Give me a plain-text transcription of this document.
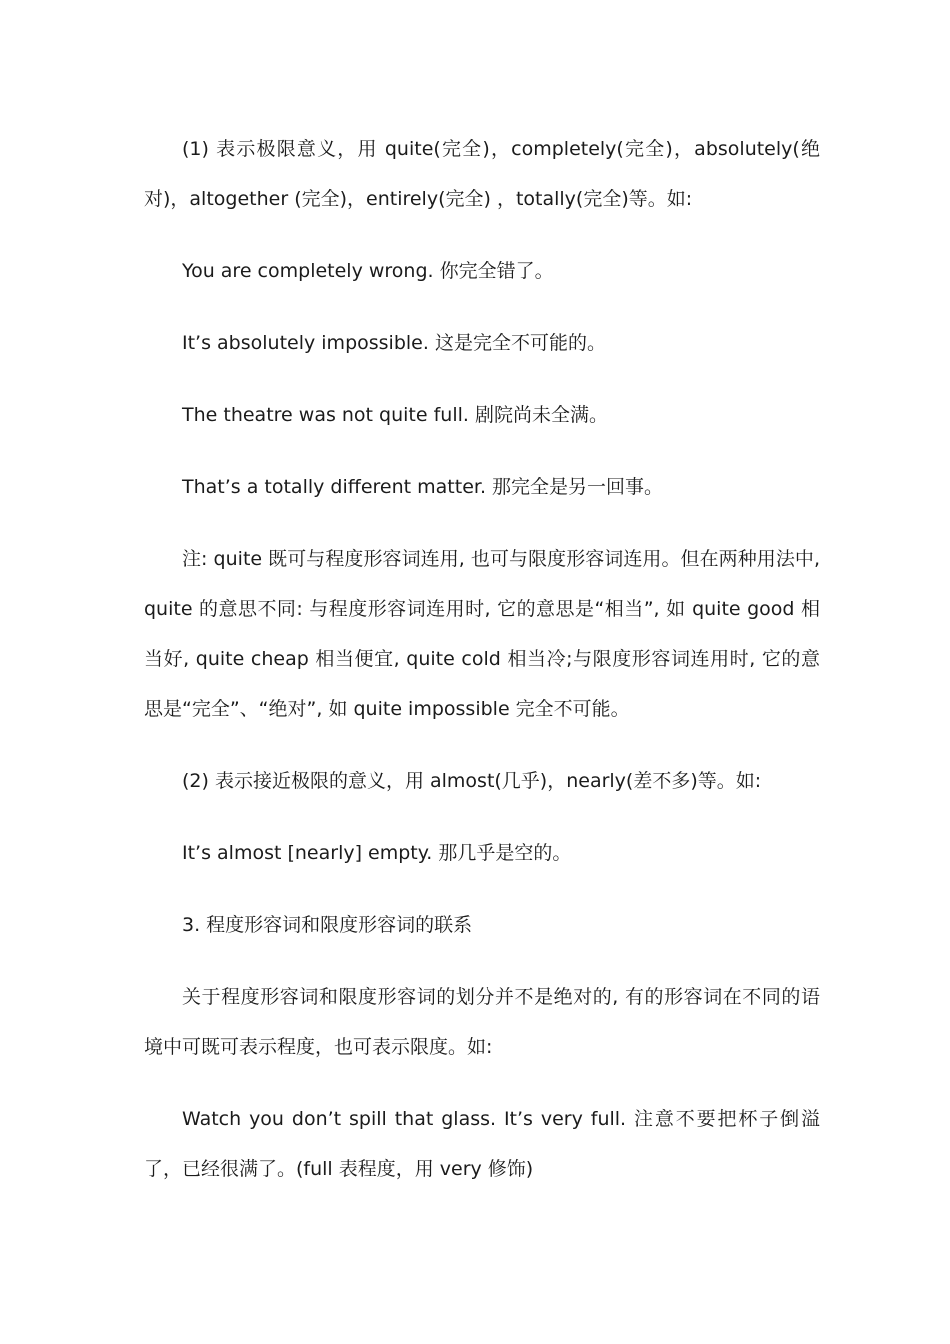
(1) 表示极限意义，用 quite(完全)，completely(完全)，absolutely(绝对)，altogether (完全)，entirely(完全) ，totally(完全)等。如:

You are completely wrong. 你完全错了。

It’s absolutely impossible. 这是完全不可能的。

The theatre was not quite full. 剧院尚未全满。

That’s a totally different matter. 那完全是另一回事。

注: quite 既可与程度形容词连用, 也可与限度形容词连用。但在两种用法中, quite 的意思不同: 与程度形容词连用时, 它的意思是“相当”, 如 quite good 相当好, quite cheap 相当便宜, quite cold 相当冷;与限度形容词连用时, 它的意思是“完全”、“绝对”, 如 quite impossible 完全不可能。

(2) 表示接近极限的意义，用 almost(几乎)，nearly(差不多)等。如:

It’s almost [nearly] empty. 那几乎是空的。

3. 程度形容词和限度形容词的联系

关于程度形容词和限度形容词的划分并不是绝对的, 有的形容词在不同的语境中可既可表示程度，也可表示限度。如:

Watch you don’t spill that glass. It’s very full. 注意不要把杯子倒溢了，已经很满了。(full 表程度，用 very 修饰)
